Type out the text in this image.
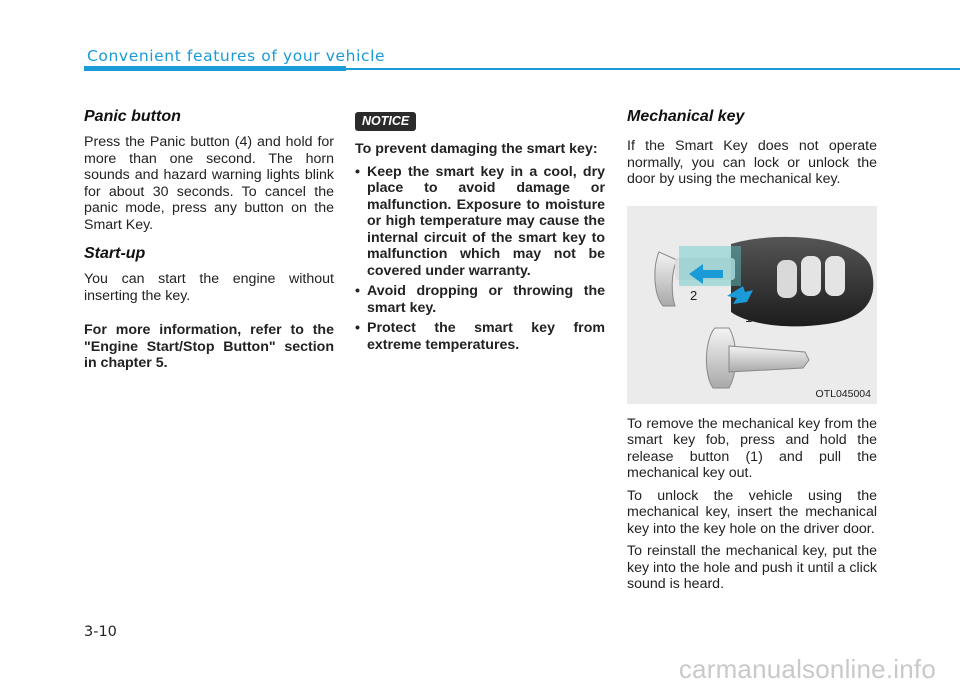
Convenient features of your vehicle
Panic button

Press the Panic button (4) and hold for more than one second. The horn sounds and hazard warning lights blink for about 30 seconds. To cancel the panic mode, press any button on the Smart Key.

Start-up

You can start the engine without inserting the key.

For more information, refer to the "Engine Start/Stop Button" section in chapter 5.

NOTICE

To prevent damaging the smart key:

• Keep the smart key in a cool, dry place to avoid damage or malfunction. Exposure to moisture or high temperature may cause the internal circuit of the smart key to malfunction which may not be covered under warranty.
• Avoid dropping or throwing the smart key.
• Protect the smart key from extreme temperatures.
Mechanical key

If the Smart Key does not operate normally, you can lock or unlock the door by using the mechanical key.

2
1
OTL045004

To remove the mechanical key from the smart key fob, press and hold the release button (1) and pull the mechanical key out.

To unlock the vehicle using the mechanical key, insert the mechanical key into the key hole on the driver door.

To reinstall the mechanical key, put the key into the hole and push it until a click sound is heard.

3-10
carmanualsonline.info
